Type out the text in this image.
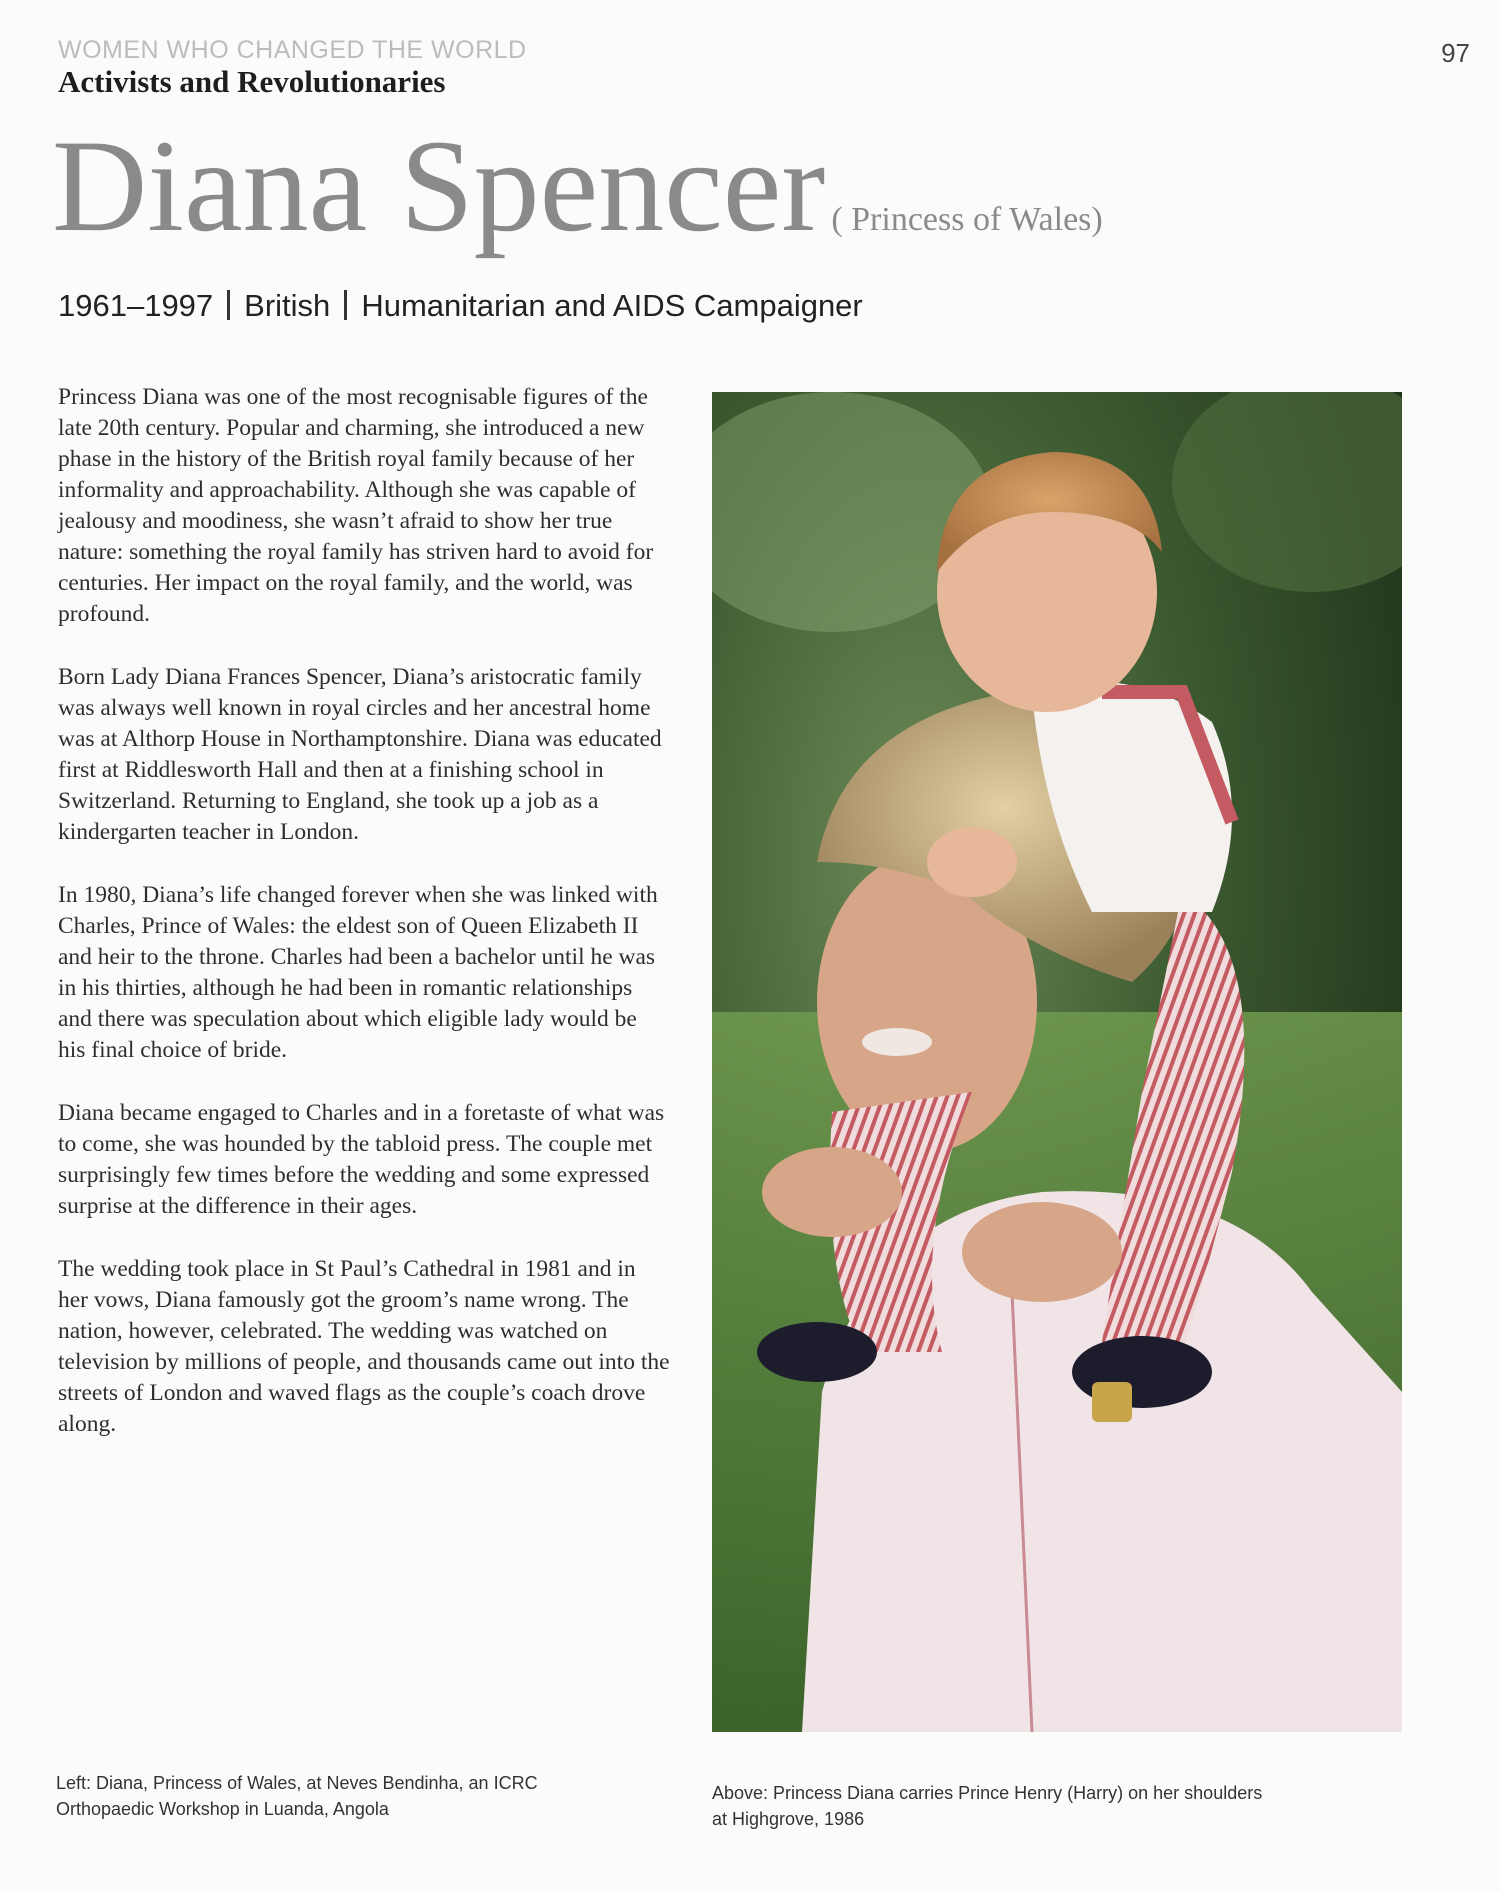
WOMEN WHO CHANGED THE WORLD
Activists and Revolutionaries
97
Diana Spencer ( Princess of Wales)
1961–1997 British Humanitarian and AIDS Campaigner

Princess Diana was one of the most recognisable figures of the late 20th century. Popular and charming, she introduced a new phase in the history of the British royal family because of her informality and approachability. Although she was capable of jealousy and moodiness, she wasn’t afraid to show her true nature: something the royal family has striven hard to avoid for centuries. Her impact on the royal family, and the world, was profound.

Born Lady Diana Frances Spencer, Diana’s aristocratic family was always well known in royal circles and her ancestral home was at Althorp House in Northamptonshire. Diana was educated first at Riddlesworth Hall and then at a finishing school in Switzerland. Returning to England, she took up a job as a kindergarten teacher in London.

In 1980, Diana’s life changed forever when she was linked with Charles, Prince of Wales: the eldest son of Queen Elizabeth II and heir to the throne. Charles had been a bachelor until he was in his thirties, although he had been in romantic relationships and there was speculation about which eligible lady would be his final choice of bride.

Diana became engaged to Charles and in a foretaste of what was to come, she was hounded by the tabloid press. The couple met surprisingly few times before the wedding and some expressed surprise at the difference in their ages.

The wedding took place in St Paul’s Cathedral in 1981 and in her vows, Diana famously got the groom’s name wrong. The nation, however, celebrated. The wedding was watched on television by millions of people, and thousands came out into the streets of London and waved flags as the couple’s coach drove along.

Left: Diana, Princess of Wales, at Neves Bendinha, an ICRC Orthopaedic Workshop in Luanda, Angola
Above: Princess Diana carries Prince Henry (Harry) on her shoulders at Highgrove, 1986
